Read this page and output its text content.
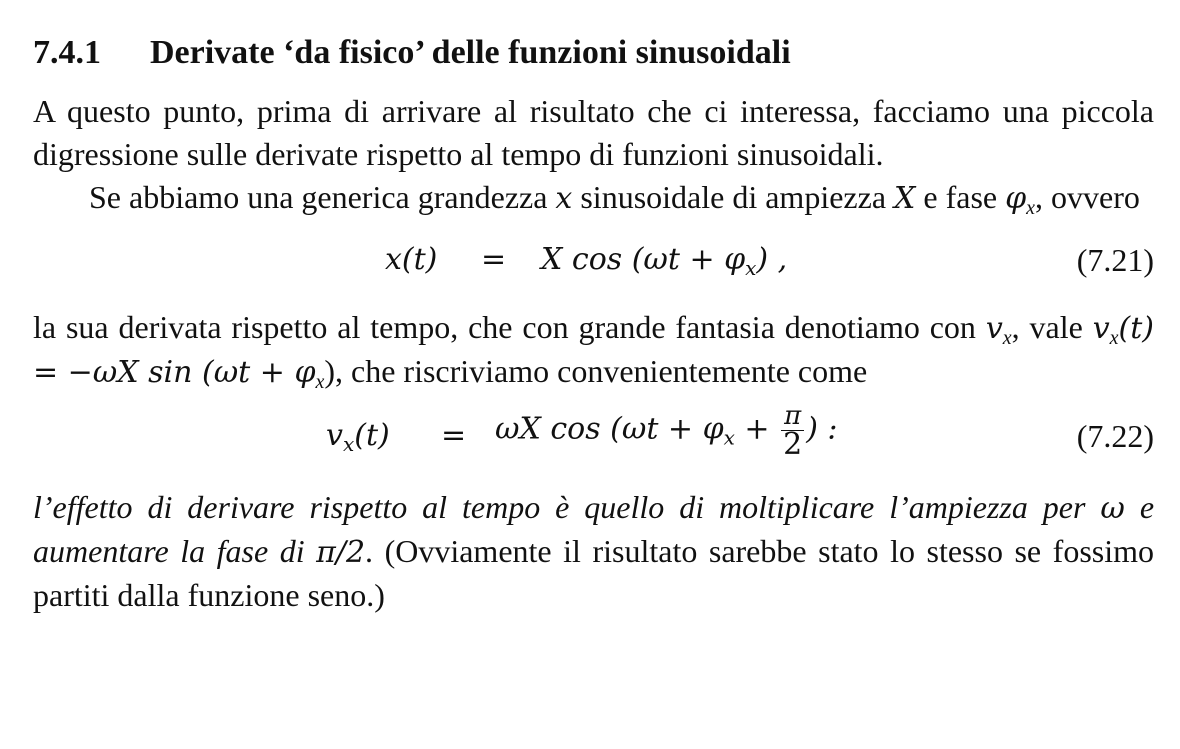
7.4.1 Derivate ‘da fisico’ delle funzioni sinusoidali

A questo punto, prima di arrivare al risultato che ci interessa, facciamo una piccola digressione sulle derivate rispetto al tempo di funzioni sinusoidali.

Se abbiamo una generica grandezza x sinusoidale di ampiezza X e fase $\varphi_x$, ovvero

x(t) = X $\cos (\omega t + \varphi_x)$ ,	(7.21)

la sua derivata rispetto al tempo, che con grande fantasia denotiamo con $v_x$, vale $v_x(t) = -\omega X$ $\sin (\omega t + \varphi_x)$, che riscriviamo convenientemente come

$v_x(t) = \omega X$ $\cos (\omega t + \varphi_x + \frac{\pi}{2}$ ) :	(7.22)

l’effetto di derivare rispetto al tempo è quello di moltiplicare l’ampiezza per ω e aumentare la fase di π/2. (Ovviamente il risultato sarebbe stato lo stesso se fossimo partiti dalla funzione seno.)
